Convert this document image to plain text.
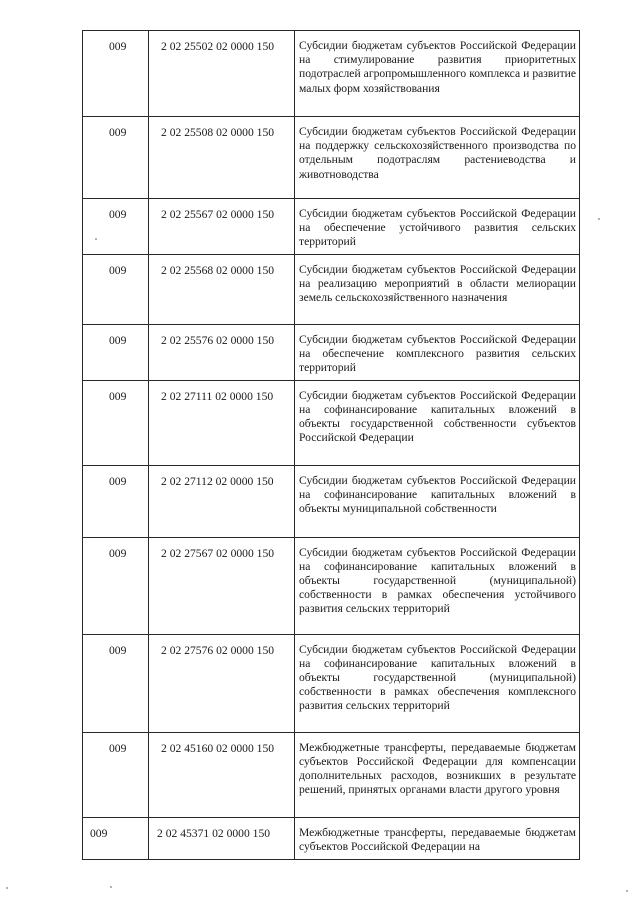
009	2 02 25502 02 0000 150	Субсидии бюджетам субъектов Российской Федерации на стимулирование развития приоритетных подотраслей агропромышленного комплекса и развитие малых форм хозяйствования
009	2 02 25508 02 0000 150	Субсидии бюджетам субъектов Российской Федерации на поддержку сельскохозяйственного производства по отдельным подотраслям растениеводства и животноводства
009	2 02 25567 02 0000 150	Субсидии бюджетам субъектов Российской Федерации на обеспечение устойчивого развития сельских территорий
009	2 02 25568 02 0000 150	Субсидии бюджетам субъектов Российской Федерации на реализацию мероприятий в области мелиорации земель сельскохозяйственного назначения
009	2 02 25576 02 0000 150	Субсидии бюджетам субъектов Российской Федерации на обеспечение комплексного развития сельских территорий
009	2 02 27111 02 0000 150	Субсидии бюджетам субъектов Российской Федерации на софинансирование капитальных вложений в объекты государственной собственности субъектов Российской Федерации
009	2 02 27112 02 0000 150	Субсидии бюджетам субъектов Российской Федерации на софинансирование капитальных вложений в объекты муниципальной собственности
009	2 02 27567 02 0000 150	Субсидии бюджетам субъектов Российской Федерации на софинансирование капитальных вложений в объекты государственной (муниципальной) собственности в рамках обеспечения устойчивого развития сельских территорий
009	2 02 27576 02 0000 150	Субсидии бюджетам субъектов Российской Федерации на софинансирование капитальных вложений в объекты государственной (муниципальной) собственности в рамках обеспечения комплексного развития сельских территорий
009	2 02 45160 02 0000 150	Межбюджетные трансферты, передаваемые бюджетам субъектов Российской Федерации для компенсации дополнительных расходов, возникших в результате решений, принятых органами власти другого уровня
009	2 02 45371 02 0000 150	Межбюджетные трансферты, передаваемые бюджетам субъектов Российской Федерации на
